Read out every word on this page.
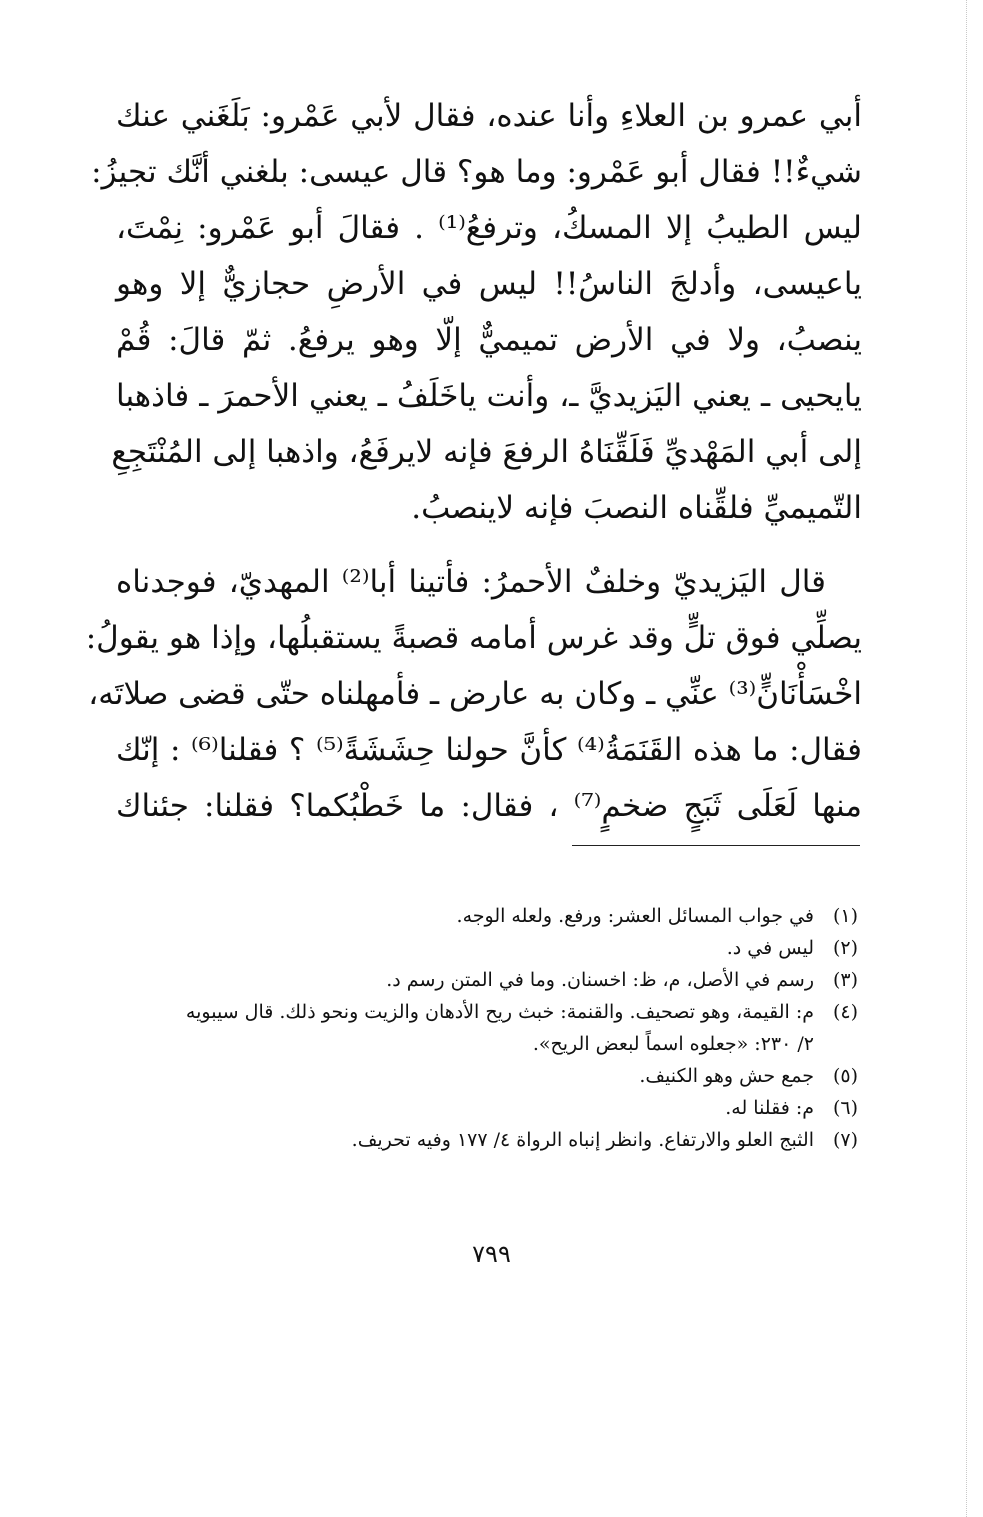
أبي عمرو بن العلاءِ وأنا عنده، فقال لأبي عَمْرو: بَلَغَني عنك
شيءٌ!! فقال أبو عَمْرو: وما هو؟ قال عيسى: بلغني أنَّك تجيزُ:
ليس الطيبُ إلا المسكُ، وترفعُ⁽¹⁾ . فقالَ أبو عَمْرو: نِمْتَ،
ياعيسى، وأدلجَ الناسُ!! ليس في الأرضِ حجازيٌّ إلا وهو
ينصبُ، ولا في الأرض تميميٌّ إلّا وهو يرفعُ. ثمّ قالَ: قُمْ
يايحيى ـ يعني اليَزيديَّ ـ، وأنت ياخَلَفُ ـ يعني الأحمرَ ـ فاذهبا
إلى أبي المَهْديِّ فَلَقِّنَاهُ الرفعَ فإنه لايرفَعُ، واذهبا إلى المُنْتَجِعِ
التّميميِّ فلقِّناه النصبَ فإنه لاينصبُ.
قال اليَزيديّ وخلفٌ الأحمرُ: فأتينا أبا⁽²⁾ المهديّ، فوجدناه
يصلِّي فوق تلٍّ وقد غرس أمامه قصبةً يستقبلُها، وإذا هو يقولُ:
اخْسَأْنَانٍّ⁽³⁾ عنِّي ـ وكان به عارض ـ فأمهلناه حتّى قضى صلاتَه،
فقال: ما هذه القَنَمَةُ⁽⁴⁾ كأنَّ حولنا حِشَشَةً⁽⁵⁾ ؟ فقلنا⁽⁶⁾ : إنّك
منها لَعَلَى ثَبَجٍ ضخمٍ⁽⁷⁾ ، فقال: ما خَطْبُكما؟ فقلنا: جئناك
(١)
في جواب المسائل العشر: ورفع. ولعله الوجه.
(٢)
ليس في د.
(٣)
رسم في الأصل، م، ظ: اخسنان. وما في المتن رسم د.
(٤)
م: القيمة، وهو تصحيف. والقنمة: خبث ريح الأدهان والزيت ونحو ذلك. قال سيبويه ٢/ ٢٣٠: «جعلوه اسماً لبعض الريح».
(٥)
جمع حش وهو الكنيف.
(٦)
م: فقلنا له.
(٧)
الثبج العلو والارتفاع. وانظر إنباه الرواة ٤/ ١٧٧ وفيه تحريف.
٧٩٩
